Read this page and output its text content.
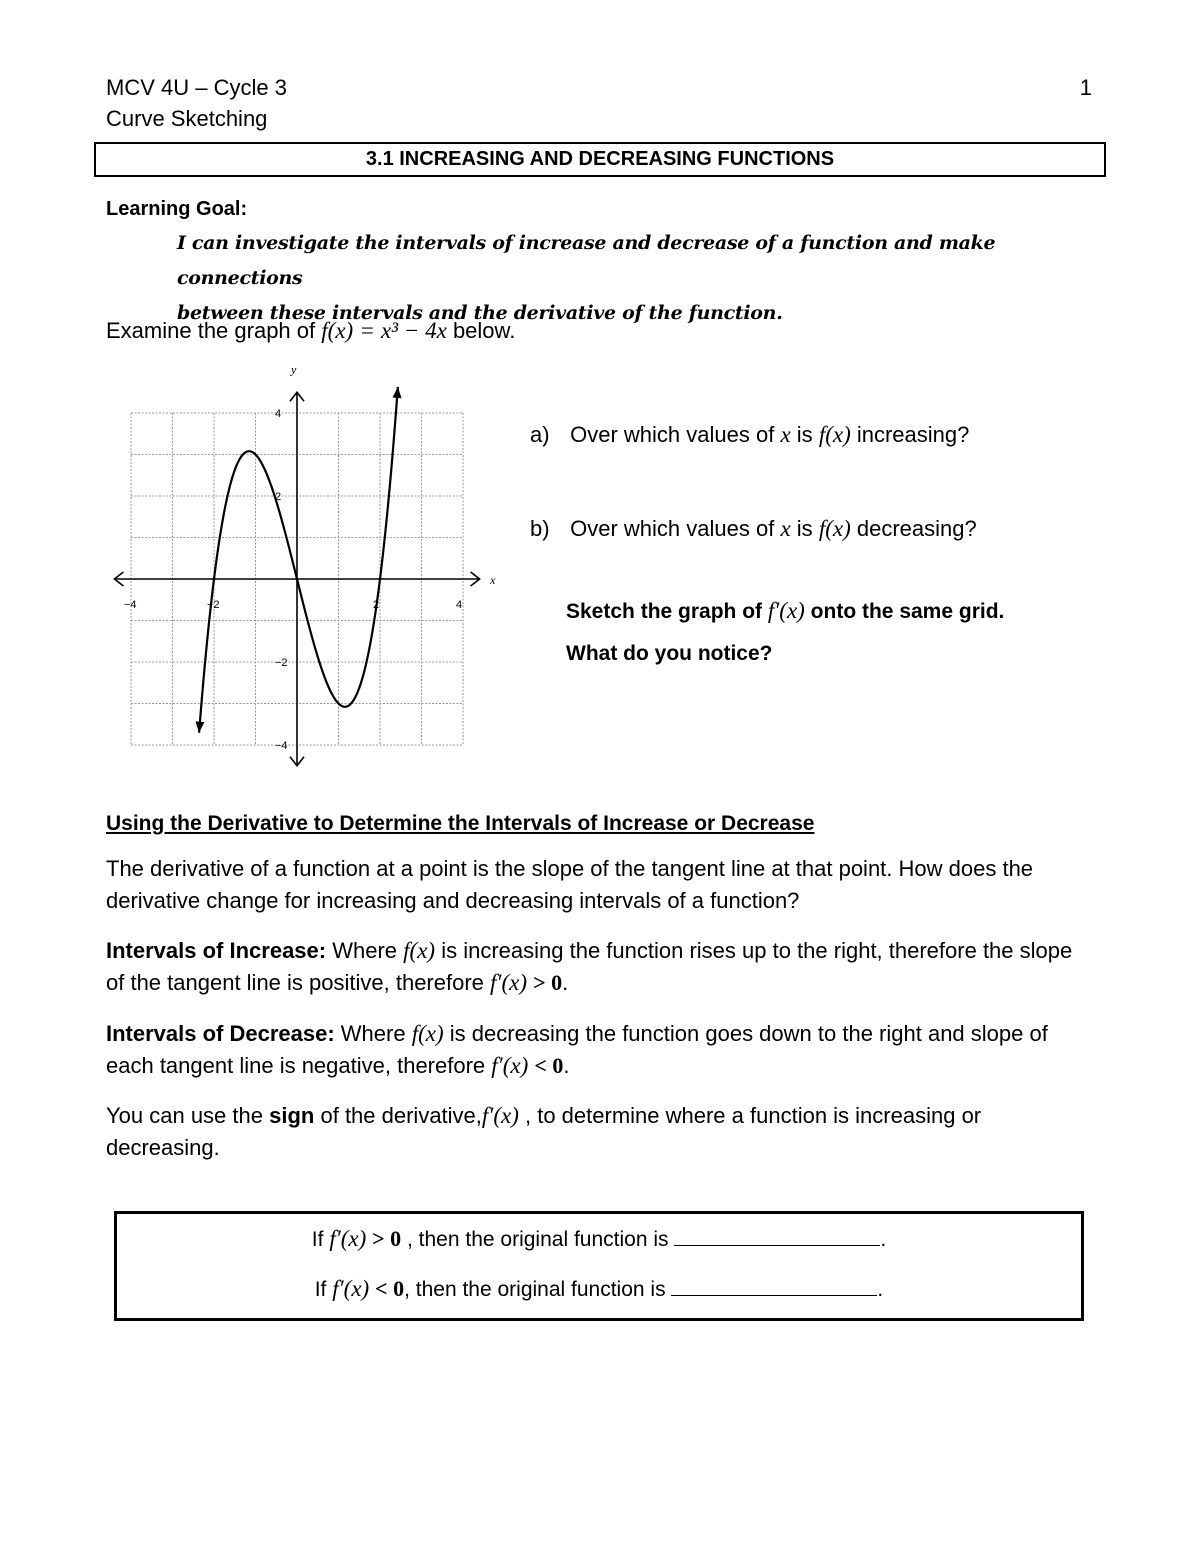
MCV 4U – Cycle 3
Curve Sketching
1
3.1 INCREASING AND DECREASING FUNCTIONS
Learning Goal:
I can investigate the intervals of increase and decrease of a function and make connections
between these intervals and the derivative of the function.
Examine the graph of f(x) = x³ − 4x below.
x
y
−4	−2	2	4
4
2
−2
−4
a) Over which values of x is f(x) increasing?
b) Over which values of x is f(x) decreasing?
Sketch the graph of f′(x) onto the same grid.
What do you notice?
Using the Derivative to Determine the Intervals of Increase or Decrease
The derivative of a function at a point is the slope of the tangent line at that point. How does the derivative change for increasing and decreasing intervals of a function?
Intervals of Increase: Where f(x) is increasing the function rises up to the right, therefore the slope of the tangent line is positive, therefore f′(x) > 0.
Intervals of Decrease: Where f(x) is decreasing the function goes down to the right and slope of each tangent line is negative, therefore f′(x) < 0.
You can use the sign of the derivative,f′(x) , to determine where a function is increasing or decreasing.
If f′(x) > 0 , then the original function is	.
If f′(x) < 0, then the original function is	.
